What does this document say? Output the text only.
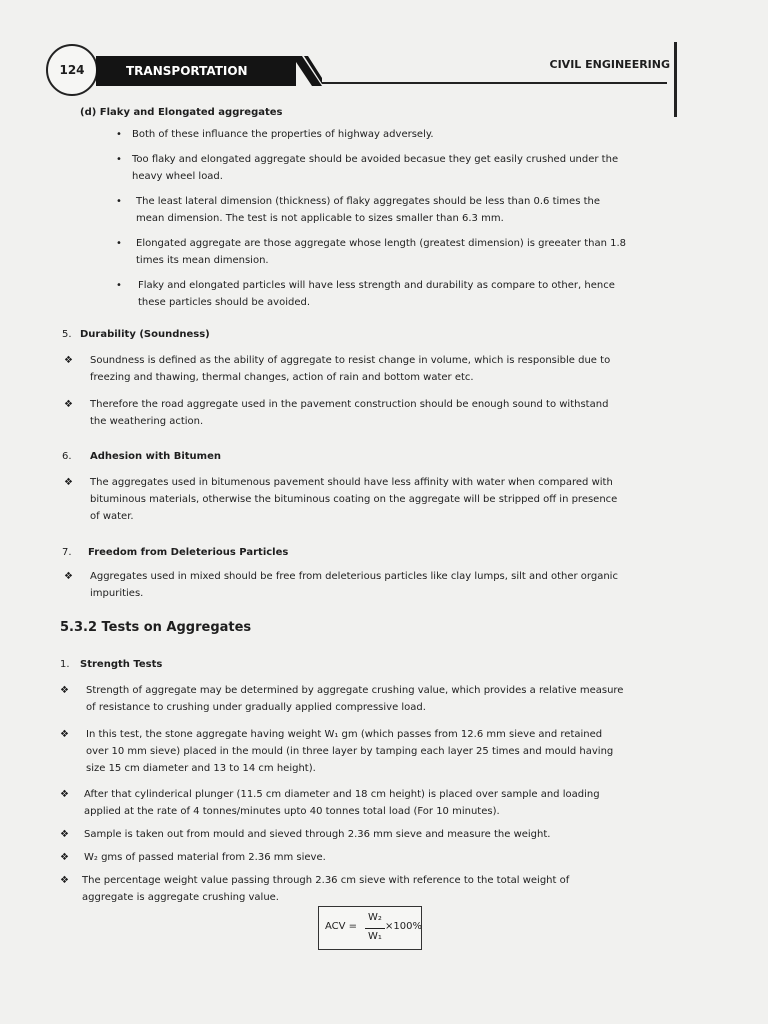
124	TRANSPORTATION	CIVIL ENGINEERING
(d) Flaky and Elongated aggregates
• Both of these influance the properties of highway adversely.
• Too flaky and elongated aggregate should be avoided becasue they get easily crushed under the
heavy wheel load.
• The least lateral dimension (thickness) of flaky aggregates should be less than 0.6 times the
mean dimension. The test is not applicable to sizes smaller than 6.3 mm.
• Elongated aggregate are those aggregate whose length (greatest dimension) is greeater than 1.8
times its mean dimension.
• Flaky and elongated particles will have less strength and durability as compare to other, hence
these particles should be avoided.
5. Durability (Soundness)
❖ Soundness is defined as the ability of aggregate to resist change in volume, which is responsible due to
freezing and thawing, thermal changes, action of rain and bottom water etc.
❖ Therefore the road aggregate used in the pavement construction should be enough sound to withstand
the weathering action.
6. Adhesion with Bitumen
❖ The aggregates used in bitumenous pavement should have less affinity with water when compared with
bituminous materials, otherwise the bituminous coating on the aggregate will be stripped off in presence
of water.
7. Freedom from Deleterious Particles
❖ Aggregates used in mixed should be free from deleterious particles like clay lumps, silt and other organic
impurities.
5.3.2 Tests on Aggregates
1. Strength Tests
❖ Strength of aggregate may be determined by aggregate crushing value, which provides a relative measure
of resistance to crushing under gradually applied compressive load.
❖ In this test, the stone aggregate having weight W₁ gm (which passes from 12.6 mm sieve and retained
over 10 mm sieve) placed in the mould (in three layer by tamping each layer 25 times and mould having
size 15 cm diameter and 13 to 14 cm height).
❖ After that cylinderical plunger (11.5 cm diameter and 18 cm height) is placed over sample and loading
applied at the rate of 4 tonnes/minutes upto 40 tonnes total load (For 10 minutes).
❖ Sample is taken out from mould and sieved through 2.36 mm sieve and measure the weight.
❖ W₂ gms of passed material from 2.36 mm sieve.
❖ The percentage weight value passing through 2.36 cm sieve with reference to the total weight of
aggregate is aggregate crushing value.
ACV =
W₂
W₁
×100%
